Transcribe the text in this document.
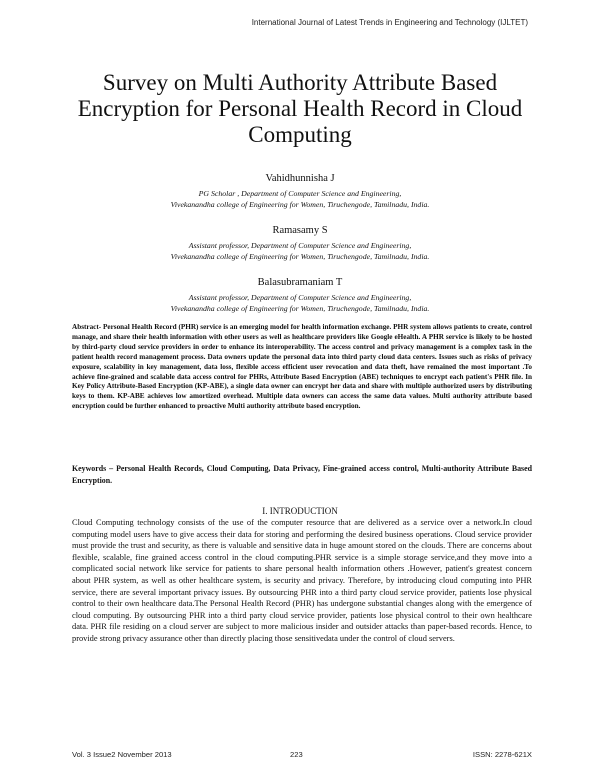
International Journal of Latest Trends in Engineering and Technology (IJLTET)
Survey on Multi Authority Attribute Based Encryption for Personal Health Record in Cloud Computing
Vahidhunnisha J
PG Scholar , Department of Computer Science and Engineering,
Vivekanandha college of Engineering for Women, Tiruchengode, Tamilnadu, India.
Ramasamy S
Assistant professor, Department of Computer Science and Engineering,
Vivekanandha college of Engineering for Women, Tiruchengode, Tamilnadu, India.
Balasubramaniam T
Assistant professor, Department of Computer Science and Engineering,
Vivekanandha college of Engineering for Women, Tiruchengode, Tamilnadu, India.
Abstract- Personal Health Record (PHR) service is an emerging model for health information exchange. PHR system allows patients to create, control manage, and share their health information with other users as well as healthcare providers like Google eHealth. A PHR service is likely to be hosted by third-party cloud service providers in order to enhance its interoperability. The access control and privacy management is a complex task in the patient health record management process. Data owners update the personal data into third party cloud data centers. Issues such as risks of privacy exposure, scalability in key management, data loss, flexible access efficient user revocation and data theft, have remained the most important .To achieve fine-grained and scalable data access control for PHRs, Attribute Based Encryption (ABE) techniques to encrypt each patient's PHR file. In Key Policy Attribute-Based Encryption (KP-ABE), a single data owner can encrypt her data and share with multiple authorized users by distributing keys to them. KP-ABE achieves low amortized overhead. Multiple data owners can access the same data values. Multi authority attribute based encryption could be further enhanced to proactive Multi authority attribute based encryption.
Keywords – Personal Health Records, Cloud Computing, Data Privacy, Fine-grained access control, Multi-authority Attribute Based Encryption.
I. INTRODUCTION
Cloud Computing technology consists of the use of the computer resource that are delivered as a service over a network.In cloud computing model users have to give access their data for storing and performing the desired business operations. Cloud service provider must provide the trust and security, as there is valuable and sensitive data in huge amount stored on the clouds. There are concerns about flexible, scalable, fine grained access control in the cloud computing.PHR service is a simple storage service,and they move into a complicated social network like service for patients to share personal health information others .However, patient's greatest concern about PHR system, as well as other healthcare system, is security and privacy. Therefore, by introducing cloud computing into PHR service, there are several important privacy issues. By outsourcing PHR into a third party cloud service provider, patients lose physical control to their own healthcare data.The Personal Health Record (PHR) has undergone substantial changes along with the emergence of cloud computing. By outsourcing PHR into a third party cloud service provider, patients lose physical control to their own healthcare data. PHR file residing on a cloud server are subject to more malicious insider and outsider attacks than paper-based records. Hence, to provide strong privacy assurance other than directly placing those sensitivedata under the control of cloud servers.
Vol. 3 Issue2 November 2013	223	ISSN: 2278-621X
